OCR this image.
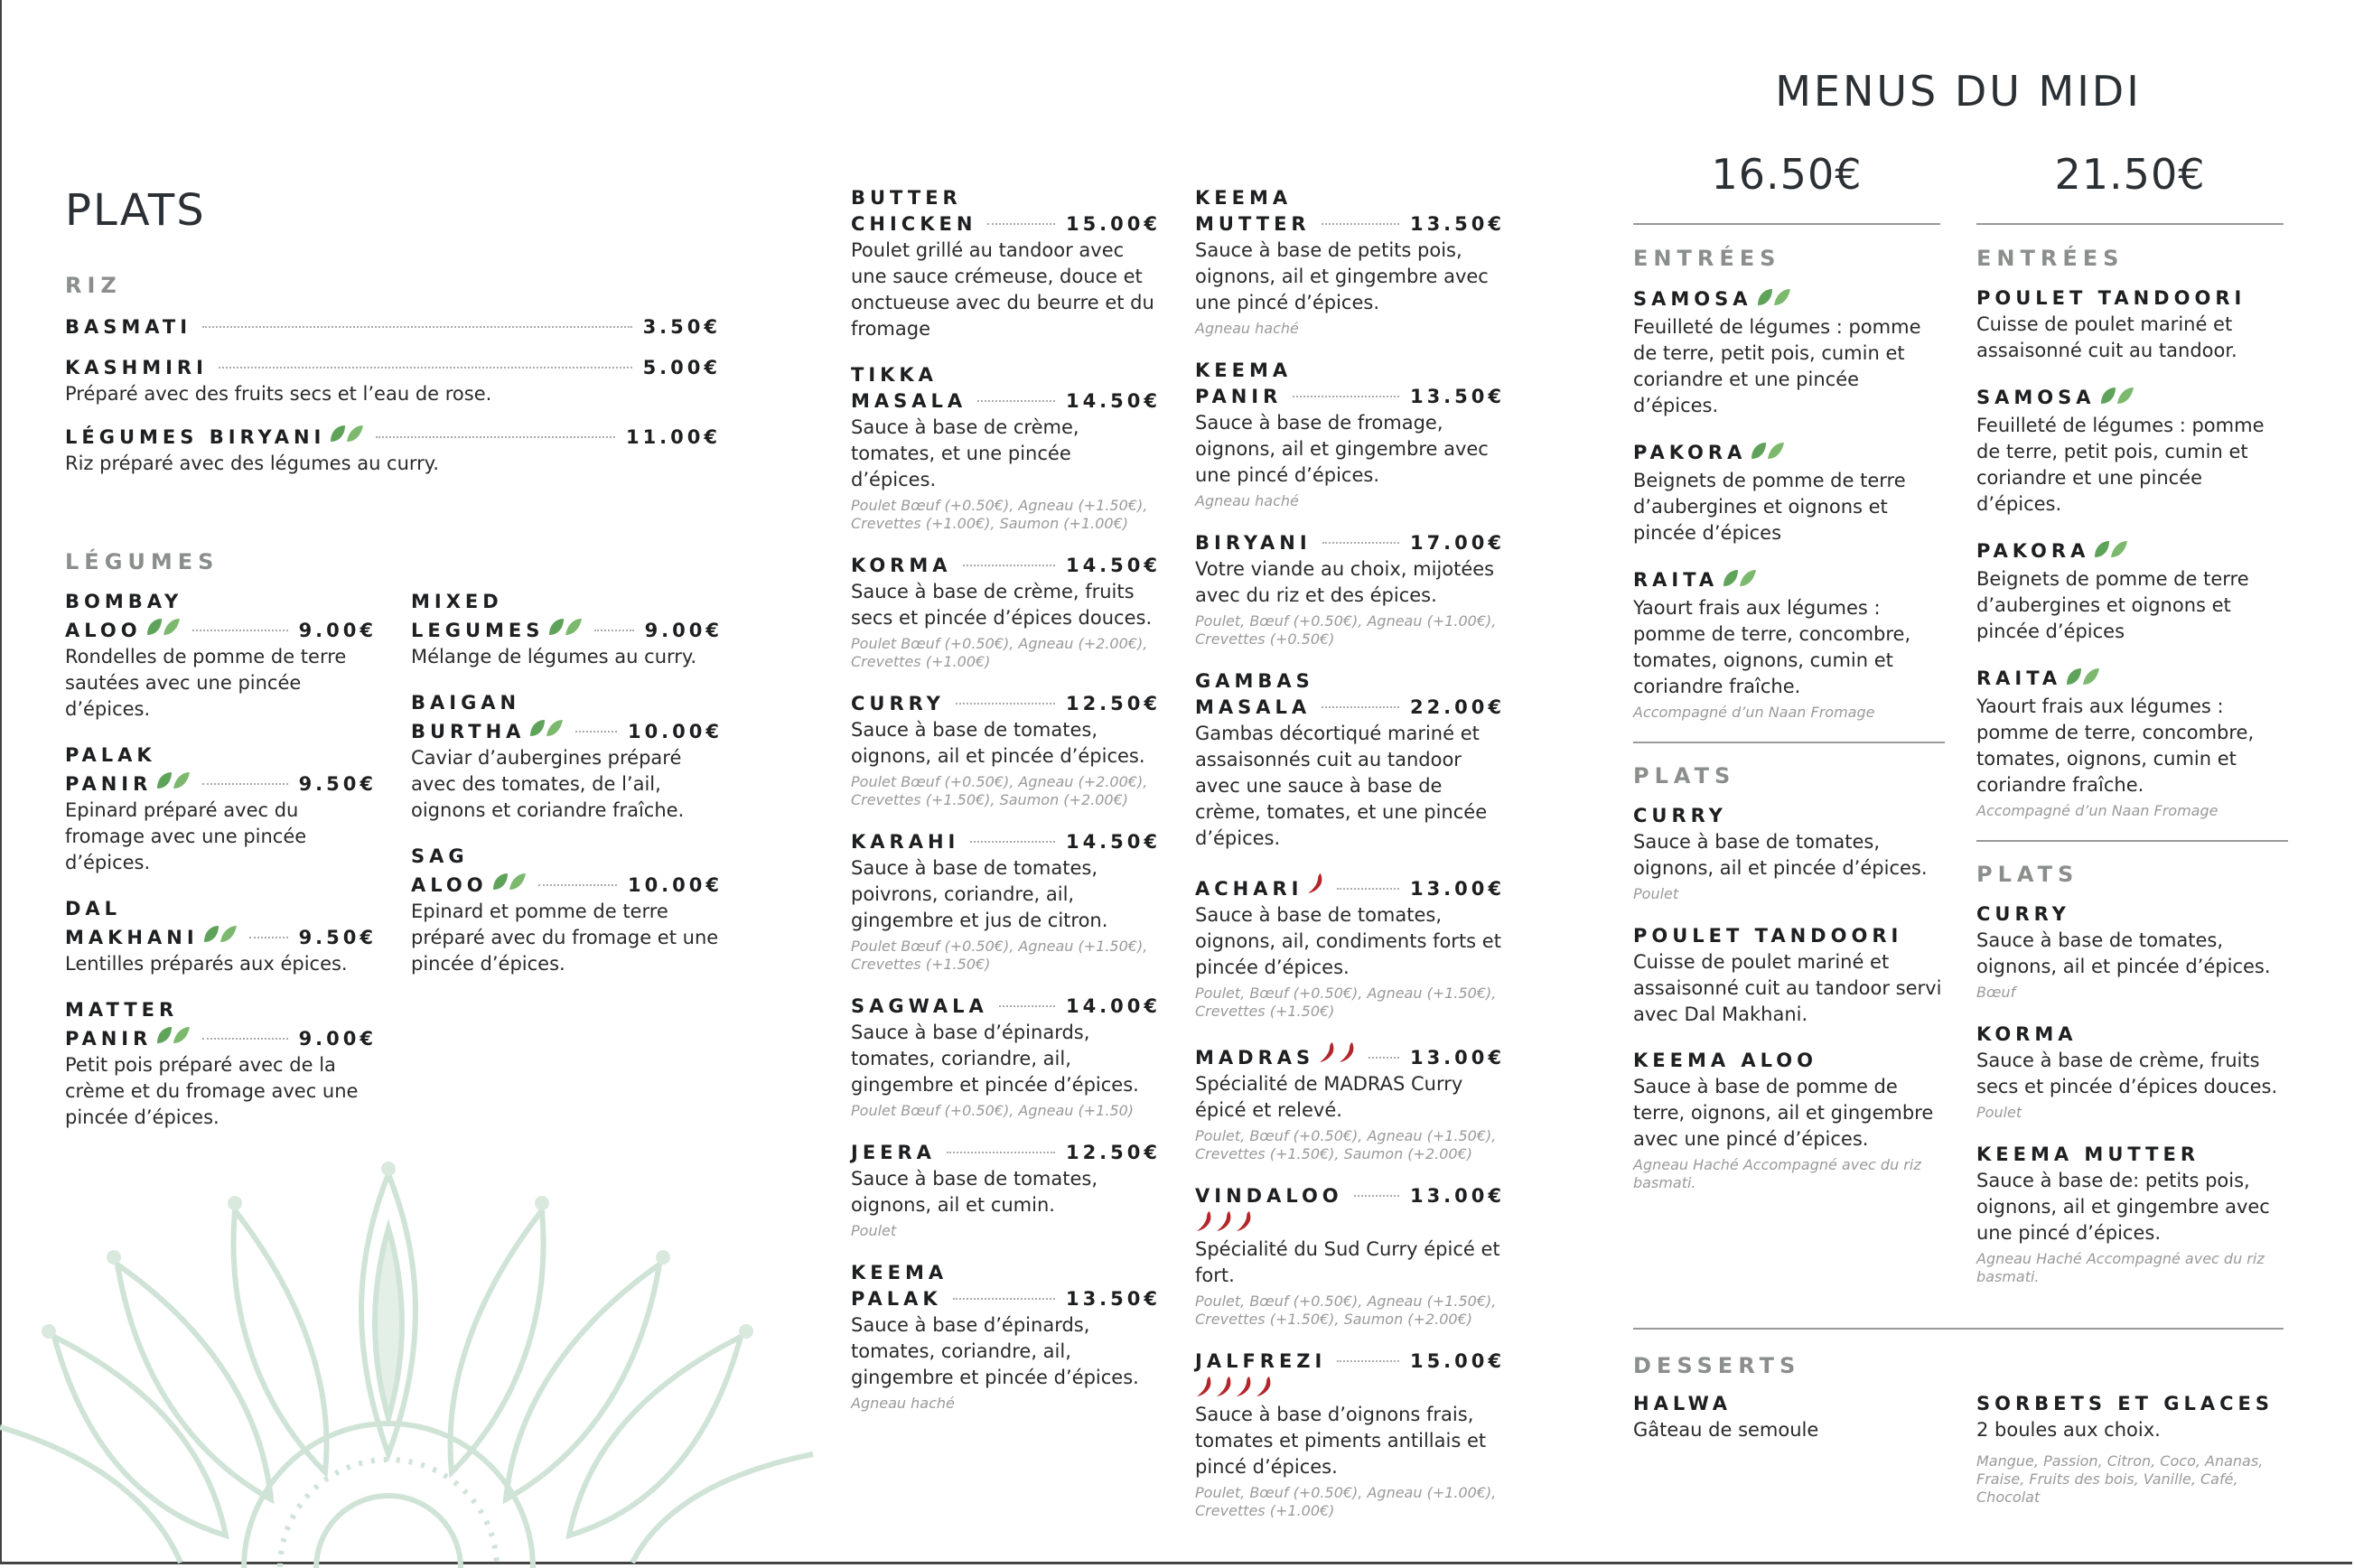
PLATS
RIZ
BASMATI	3.50€
KASHMIRI	5.00€

Préparé avec des fruits secs et l’eau de rose.

LÉGUMES BIRYANI	11.00€

Riz préparé avec des légumes au curry.

LÉGUMES
BOMBAY
ALOO	9.00€

Rondelles de pomme de terre sautées avec une pincée d’épices.

PALAK
PANIR	9.50€

Epinard préparé avec du fromage avec une pincée d’épices.

DAL
MAKHANI	9.50€

Lentilles préparés aux épices.

MATTER
PANIR	9.00€

Petit pois préparé avec de la crème et du fromage avec une pincée d’épices.

MIXED
LEGUMES	9.00€

Mélange de légumes au curry.

BAIGAN
BURTHA	10.00€

Caviar d’aubergines préparé avec des tomates, de l’ail, oignons et coriandre fraîche.

SAG
ALOO	10.00€

Epinard et pomme de terre préparé avec du fromage et une pincée d’épices.

BUTTER
CHICKEN	15.00€

Poulet grillé au tandoor avec une sauce crémeuse, douce et onctueuse avec du beurre et du fromage

TIKKA
MASALA	14.50€

Sauce à base de crème, tomates, et une pincée d’épices.

Poulet Bœuf (+0.50€), Agneau (+1.50€), Crevettes (+1.00€), Saumon (+1.00€)
KORMA	14.50€

Sauce à base de crème, fruits secs et pincée d’épices douces.

Poulet Bœuf (+0.50€), Agneau (+2.00€), Crevettes (+1.00€)
CURRY	12.50€

Sauce à base de tomates, oignons, ail et pincée d’épices.

Poulet Bœuf (+0.50€), Agneau (+2.00€), Crevettes (+1.50€), Saumon (+2.00€)
KARAHI	14.50€

Sauce à base de tomates, poivrons, coriandre, ail, gingembre et jus de citron.

Poulet Bœuf (+0.50€), Agneau (+1.50€), Crevettes (+1.50€)
SAGWALA	14.00€

Sauce à base d’épinards, tomates, coriandre, ail, gingembre et pincée d’épices.

Poulet Bœuf (+0.50€), Agneau (+1.50)
JEERA	12.50€

Sauce à base de tomates, oignons, ail et cumin.

Poulet
KEEMA
PALAK	13.50€

Sauce à base d’épinards, tomates, coriandre, ail, gingembre et pincée d’épices.

Agneau haché
KEEMA
MUTTER	13.50€

Sauce à base de petits pois, oignons, ail et gingembre avec une pincé d’épices.

Agneau haché
KEEMA
PANIR	13.50€

Sauce à base de fromage, oignons, ail et gingembre avec une pincé d’épices.

Agneau haché
BIRYANI	17.00€

Votre viande au choix, mijotées avec du riz et des épices.

Poulet, Bœuf (+0.50€), Agneau (+1.00€), Crevettes (+0.50€)
GAMBAS
MASALA	22.00€

Gambas décortiqué mariné et assaisonnés cuit au tandoor avec une sauce à base de crème, tomates, et une pincée d’épices.

ACHARI	13.00€

Sauce à base de tomates, oignons, ail, condiments forts et pincée d’épices.

Poulet, Bœuf (+0.50€), Agneau (+1.50€), Crevettes (+1.50€)
MADRAS	13.00€

Spécialité de MADRAS Curry épicé et relevé.

Poulet, Bœuf (+0.50€), Agneau (+1.50€), Crevettes (+1.50€), Saumon (+2.00€)
VINDALOO	13.00€

Spécialité du Sud Curry épicé et fort.

Poulet, Bœuf (+0.50€), Agneau (+1.50€), Crevettes (+1.50€), Saumon (+2.00€)
JALFREZI	15.00€

Sauce à base d’oignons frais, tomates et piments antillais et pincé d’épices.

Poulet, Bœuf (+0.50€), Agneau (+1.00€), Crevettes (+1.00€)
MENUS DU MIDI
16.50€
ENTRÉES
SAMOSA

Feuilleté de légumes : pomme de terre, petit pois, cumin et coriandre et une pincée d’épices.

PAKORA

Beignets de pomme de terre d’aubergines et oignons et pincée d’épices

RAITA

Yaourt frais aux légumes : pomme de terre, concombre, tomates, oignons, cumin et coriandre fraîche.

Accompagné d’un Naan Fromage
PLATS
CURRY

Sauce à base de tomates, oignons, ail et pincée d’épices.

Poulet
POULET TANDOORI

Cuisse de poulet mariné et assaisonné cuit au tandoor servi avec Dal Makhani.

KEEMA ALOO

Sauce à base de pomme de terre, oignons, ail et gingembre avec une pincé d’épices.

Agneau Haché Accompagné avec du riz basmati.
21.50€
ENTRÉES
POULET TANDOORI

Cuisse de poulet mariné et assaisonné cuit au tandoor.

SAMOSA

Feuilleté de légumes : pomme de terre, petit pois, cumin et coriandre et une pincée d’épices.

PAKORA

Beignets de pomme de terre d’aubergines et oignons et pincée d’épices

RAITA

Yaourt frais aux légumes : pomme de terre, concombre, tomates, oignons, cumin et coriandre fraîche.

Accompagné d’un Naan Fromage
PLATS
CURRY

Sauce à base de tomates, oignons, ail et pincée d’épices.

Bœuf
KORMA

Sauce à base de crème, fruits secs et pincée d’épices douces.

Poulet
KEEMA MUTTER

Sauce à base de: petits pois, oignons, ail et gingembre avec une pincé d’épices.

Agneau Haché Accompagné avec du riz basmati.
DESSERTS
HALWA

Gâteau de semoule

SORBETS ET GLACES

2 boules aux choix.

Mangue, Passion, Citron, Coco, Ananas, Fraise, Fruits des bois, Vanille, Café, Chocolat
